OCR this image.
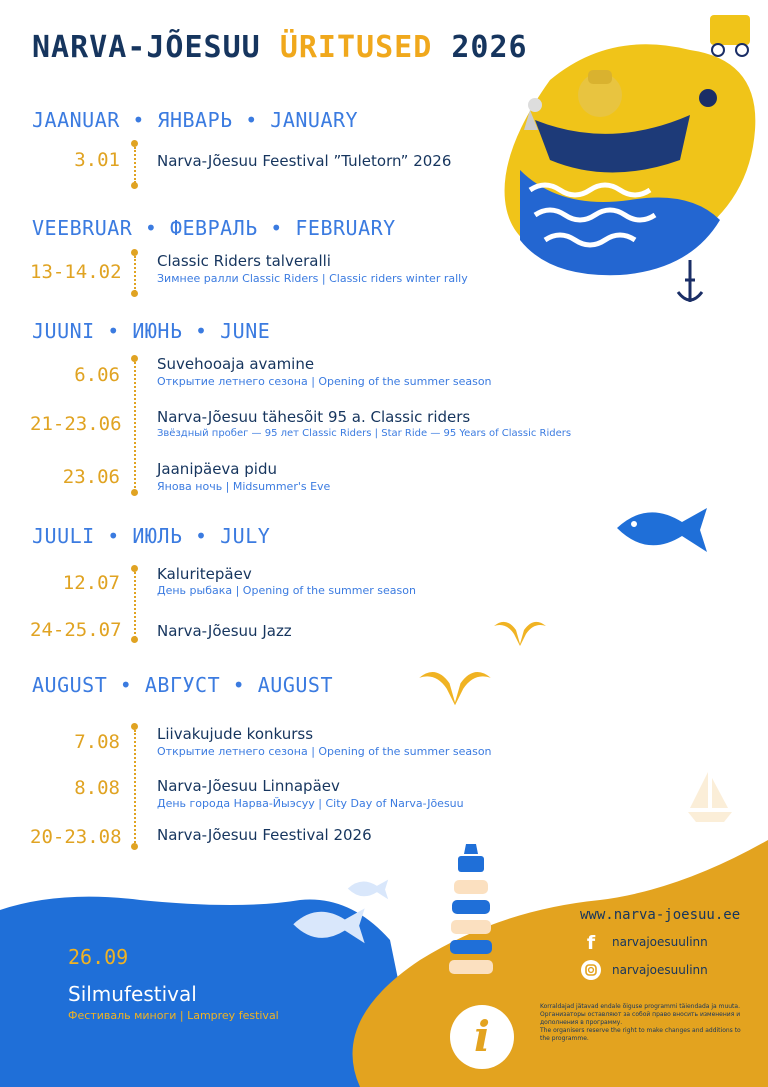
NARVA-JÕESUU ÜRITUSED 2026
JAANUAR • ЯНВАРЬ • JANUARY
3.01 Narva-Jõesuu Feestival ”Tuletorn” 2026
VEEBRUAR • ФЕВРАЛЬ • FEBRUARY
13-14.02 Classic Riders talveralli
Зимнее ралли Classic Riders | Classic riders winter rally
JUUNI • ИЮНЬ • JUNE
6.06 Suvehooaja avamine
Открытие летнего сезона | Opening of the summer season
21-23.06 Narva-Jõesuu tähesõit 95 a. Classic riders
Звёздный пробег — 95 лет Classic Riders | Star Ride — 95 Years of Classic Riders
23.06 Jaanipäeva pidu
Янова ночь | Midsummer's Eve
JUULI • ИЮЛЬ • JULY
12.07 Kaluritepäev
День рыбака | Opening of the summer season
24-25.07 Narva-Jõesuu Jazz
AUGUST • АВГУСТ • AUGUST
7.08 Liivakujude konkurss
Открытие летнего сезона | Opening of the summer season
8.08 Narva-Jõesuu Linnapäev
День города Нарва-Йыэсуу | City Day of Narva-Jõesuu
20-23.08 Narva-Jõesuu Feestival 2026
26.09
Silmufestival
Фестиваль миноги | Lamprey festival
www.narva-joesuu.ee
f narvajoesuulinn
narvajoesuulinn
i
Korraldajad jätavad endale õiguse programmi täiendada ja muuta.
Организаторы оставляют за собой право вносить изменения и дополнения в программу.
The organisers reserve the right to make changes and additions to the programme.
